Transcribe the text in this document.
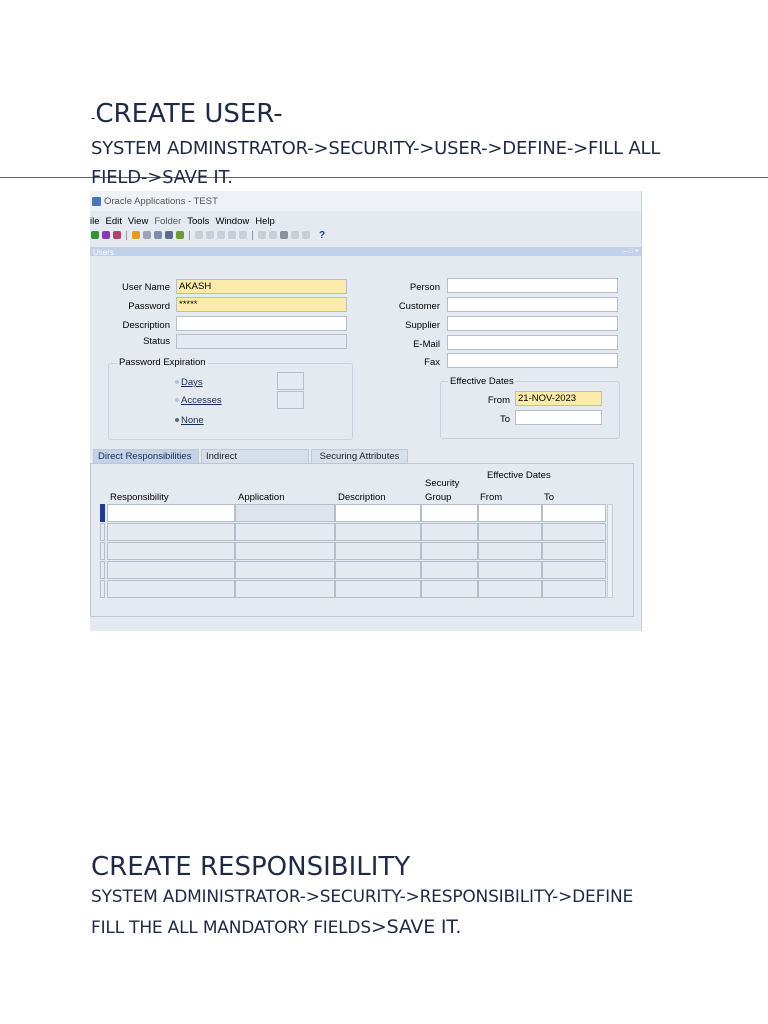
-CREATE USER-
SYSTEM ADMINSTRATOR->SECURITY->USER->DEFINE->FILL ALL
FIELD->SAVE IT.
Oracle Applications - TEST
ile Edit View Folder Tools Window Help
?
Users	– □ ×
User Name AKASH
Password *****
Description
Status
Person
Customer
Supplier
E-Mail
Fax
Password Expiration
Days
Accesses
None
Effective Dates
From 21-NOV-2023
To
Direct Responsibilities	Indirect	Securing Attributes
Effective Dates
Security
Responsibility	Application	Description	Group	From	To
CREATE RESPONSIBILITY
SYSTEM ADMINISTRATOR->SECURITY->RESPONSIBILITY->DEFINE
FILL THE ALL MANDATORY FIELDS>SAVE IT.
